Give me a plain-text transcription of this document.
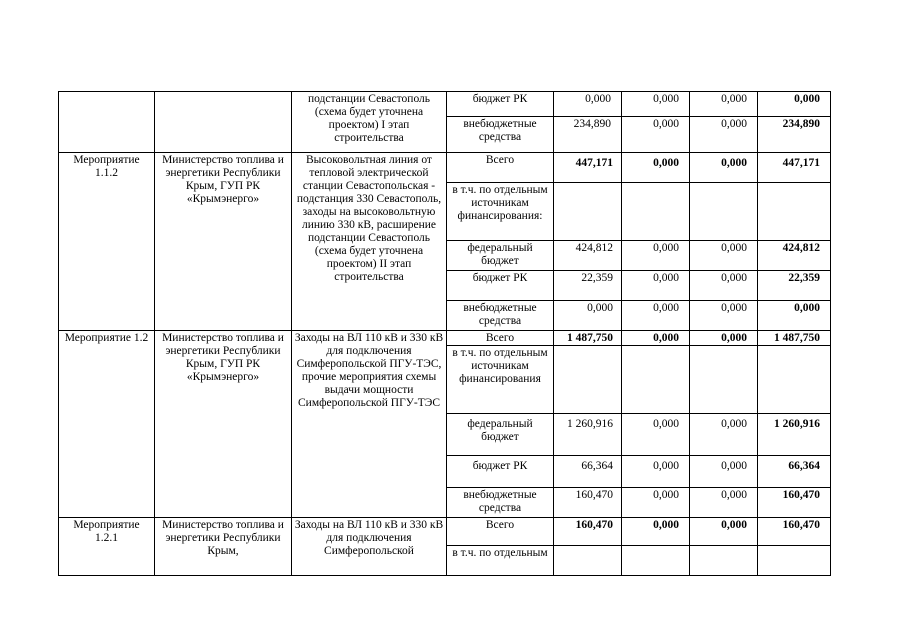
		подстанции Севастополь (схема будет уточнена проектом) I этап строительства	бюджет РК	0,000	0,000	0,000	0,000
			внебюджетные средства	234,890	0,000	0,000	234,890
Мероприятие 1.1.2	Министерство топлива и энергетики Республики Крым, ГУП РК «Крымэнерго»	Высоковольтная линия от тепловой электрической станции Севастопольская - подстанция 330 Севастополь, заходы на высоковольтную линию 330 кВ, расширение подстанции Севастополь (схема будет уточнена проектом) II этап строительства	Всего	447,171	0,000	0,000	447,171
			в т.ч. по отдельным источникам финансирования:				
			федеральный бюджет	424,812	0,000	0,000	424,812
			бюджет РК	22,359	0,000	0,000	22,359
			внебюджетные средства	0,000	0,000	0,000	0,000

Мероприятие 1.2	Министерство топлива и энергетики Республики Крым, ГУП РК «Крымэнерго»	Заходы на ВЛ 110 кВ и 330 кВ для подключения Симферопольской ПГУ-ТЭС, прочие мероприятия схемы выдачи мощности Симферопольской ПГУ-ТЭС	Всего	1 487,750	0,000	0,000	1 487,750
			в т.ч. по отдельным источникам финансирования				
			федеральный бюджет	1 260,916	0,000	0,000	1 260,916
			бюджет РК	66,364	0,000	0,000	66,364
			внебюджетные средства	160,470	0,000	0,000	160,470

Мероприятие 1.2.1	Министерство топлива и энергетики Республики Крым,	Заходы на ВЛ 110 кВ и 330 кВ для подключения Симферопольской	Всего	160,470	0,000	0,000	160,470
			в т.ч. по отдельным				
